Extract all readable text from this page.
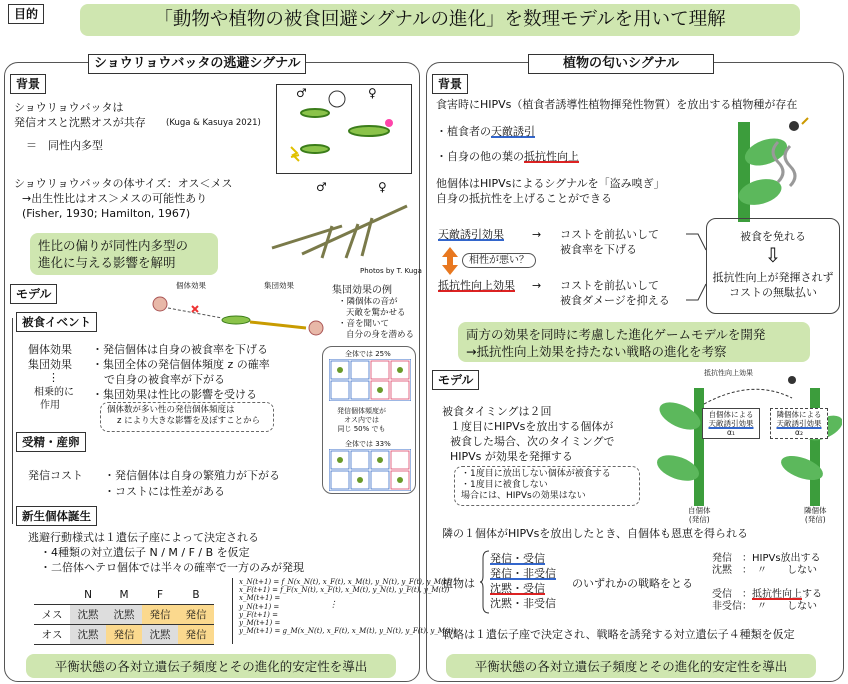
目的	「動物や植物の被食回避シグナルの進化」を数理モデルを用いて理解
ショウリョウバッタの逃避シグナル
背景
ショウリョウバッタは
発信オスと沈黙オスが共存 (Kuga & Kasuya 2021)
＝　同性内多型
♂	♀
ショウリョウバッタの体サイズ：オス＜メス
→出生性比はオス＞メスの可能性あり
(Fisher, 1930; Hamilton, 1967)
♂	♀
Photos by T. Kuga
性比の偏りが同性内多型の
進化に与える影響を解明
モデル
個体効果	集団効果	集団効果の例
・隣個体の音が
天敵を驚かせる
・音を聞いて
自分の身を潜める
全体では 25%
発信個体頻度が
オス内では
同じ 50% でも
全体では 33%
被食イベント
個体効果
集団効果
⋮
相乗的に
作用
・発信個体は自身の被食率を下げる
・集団全体の発信個体頻度 z の確率
で自身の被食率が下がる
・集団効果は性比の影響を受ける
個体数が多い性の発信個体頻度は
z により大きな影響を及ぼすことから
受精・産卵
発信コスト ・発信個体は自身の繁殖力が下がる
・コストには性差がある
新生個体誕生
逃避行動様式は１遺伝子座によって決定される
・4種類の対立遺伝子 N / M / F / B を仮定
・二倍体ヘテロ個体では半々の確率で一方のみが発現
	N	M	F	B
メス	沈黙	沈黙	発信	発信
オス	沈黙	発信	沈黙	発信
x_N(t+1) = f_N(x_N(t), x_F(t), x_M(t), y_N(t), y_F(t), y_M(t))
x_F(t+1) = f_F(x_N(t), x_F(t), x_M(t), y_N(t), y_F(t), y_M(t))
x_M(t+1) =
y_N(t+1) =
y_F(t+1) =
y_M(t+1) =
y_M(t+1) = g_M(x_N(t), x_F(t), x_M(t), y_N(t), y_F(t), y_M(t))
⋮
平衡状態の各対立遺伝子頻度とその進化的安定性を導出
植物の匂いシグナル
背景
食害時にHIPVs（植食者誘導性植物揮発性物質）を放出する植物種が存在
・植食者の天敵誘引
・自身の他の葉の抵抗性向上
他個体はHIPVsによるシグナルを「盗み嗅ぎ」
自身の抵抗性を上げることができる
天敵誘引効果	→ コストを前払いして
被食率を下げる
相性が悪い？
抵抗性向上効果 → コストを前払いして
被食ダメージを抑える
被食を免れる
⇩
抵抗性向上が発揮されず
コストの無駄払い
両方の効果を同時に考慮した進化ゲームモデルを開発
→抵抗性向上効果を持たない戦略の進化を考察
モデル
被食タイミングは２回
１度目にHIPVsを放出する個体が
被食した場合、次のタイミングで
HIPVs が効果を発揮する
・1度目に放出しない個体が被食する
・1度目に被食しない
場合には、HIPVsの効果はない
抵抗性向上効果
自個体による
天敵誘引効果
α₁
隣個体による
天敵誘引効果
α₂
自個体
(発信)
隣個体
(発信)
隣の１個体がHIPVsを放出したとき、自個体も恩恵を得られる
植物は
発信・受信
発信・非受信
沈黙・受信
沈黙・非受信
のいずれかの戦略をとる
発信　：HIPVs放出する
沈黙　：　〃　　しない
受信　：抵抗性向上する
非受信：　〃　　しない
戦略は１遺伝子座で決定され、戦略を誘発する対立遺伝子４種類を仮定
平衡状態の各対立遺伝子頻度とその進化的安定性を導出
